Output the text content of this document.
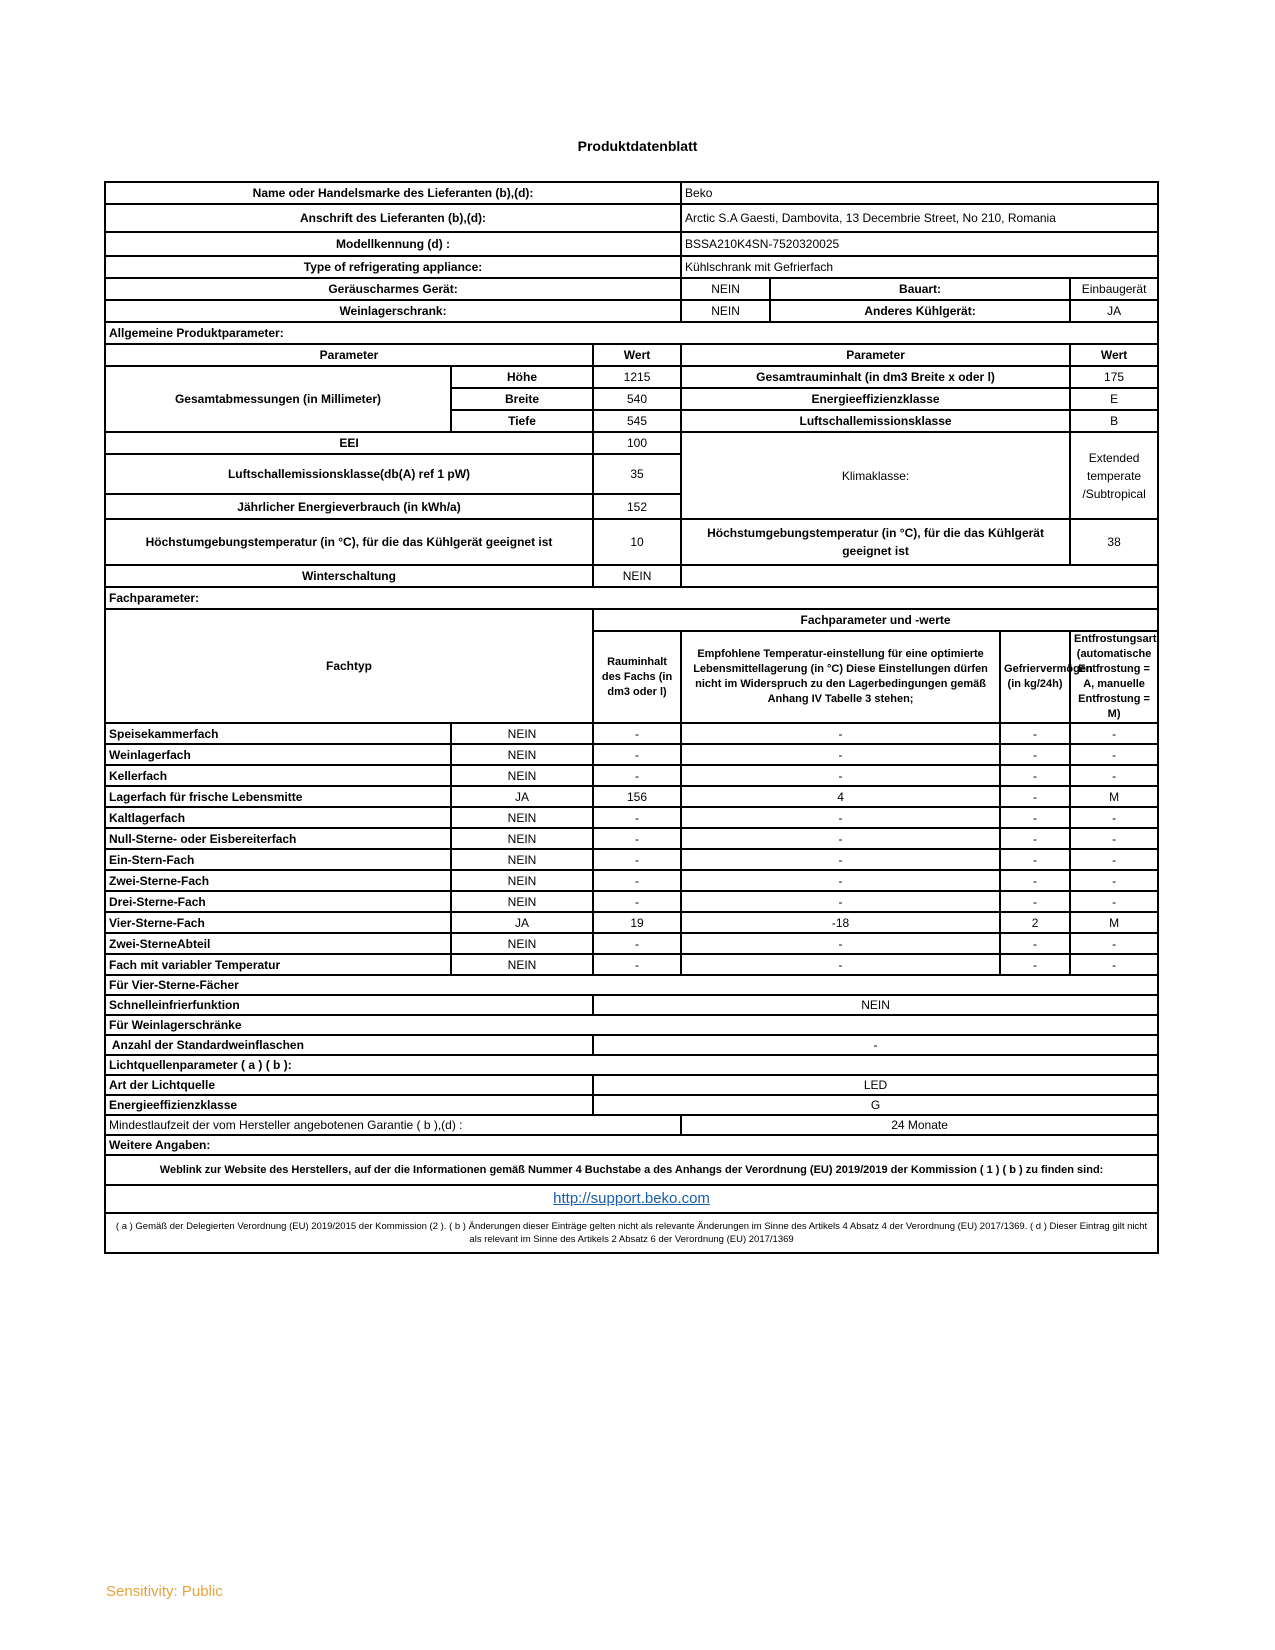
Produktdatenblatt
Name oder Handelsmarke des Lieferanten (b),(d):			Beko			
Anschrift des Lieferanten (b),(d):			Arctic S.A Gaesti, Dambovita, 13 Decembrie Street, No 210, Romania			
Modellkennung (d) :			BSSA210K4SN-7520320025			
Type of refrigerating appliance:			Kühlschrank mit Gefrierfach			
Geräuscharmes Gerät:			NEIN	Bauart:		Einbaugerät
Weinlagerschrank:			NEIN	Anderes Kühlgerät:		JA
Allgemeine Produktparameter:						
Parameter		Wert	Parameter			Wert
Gesamtabmessungen (in Millimeter)	Höhe	1215	Gesamtrauminhalt (in dm3 Breite x oder l)			175
	Breite	540	Energieeffizienzklasse			E
	Tiefe	545	Luftschallemissionsklasse			B
EEI		100	Klimaklasse:			Extended temperate /Subtropical
Luftschallemissionsklasse(db(A) ref 1 pW)		35				
Jährlicher Energieverbrauch (in kWh/a)		152				
Höchstumgebungstemperatur (in °C), für die das Kühlgerät geeignet ist		10	Höchstumgebungstemperatur (in °C), für die das Kühlgerät geeignet ist			38
Winterschaltung		NEIN				
Fachparameter:						
Fachtyp		Fachparameter und -werte				
		Rauminhalt des Fachs (in dm3 oder l)	Empfohlene Temperatur-einstellung für eine optimierte Lebensmittellagerung (in °C) Diese Einstellungen dürfen nicht im Widerspruch zu den Lagerbedingungen gemäß Anhang IV Tabelle 3 stehen;		Gefriervermögen (in kg/24h)	Entfrostungsart (automatische Entfrostung = A, manuelle Entfrostung = M)
Speisekammerfach	NEIN	-	-		-	-
Weinlagerfach	NEIN	-	-		-	-
Kellerfach	NEIN	-	-		-	-
Lagerfach für frische Lebensmitte	JA	156	4		-	M
Kaltlagerfach	NEIN	-	-		-	-
Null-Sterne- oder Eisbereiterfach	NEIN	-	-		-	-
Ein-Stern-Fach	NEIN	-	-		-	-
Zwei-Sterne-Fach	NEIN	-	-		-	-
Drei-Sterne-Fach	NEIN	-	-		-	-
Vier-Sterne-Fach	JA	19	-18		2	M
Zwei-SterneAbteil	NEIN	-	-		-	-
Fach mit variabler Temperatur	NEIN	-	-		-	-
Für Vier-Sterne-Fächer						
Schnelleinfrierfunktion		NEIN				
Für Weinlagerschränke						
Anzahl der Standardweinflaschen		-				
Lichtquellenparameter ( a ) ( b ):						
Art der Lichtquelle		LED				
Energieeffizienzklasse		G				
Mindestlaufzeit der vom Hersteller angebotenen Garantie ( b ),(d) :			24 Monate			
Weitere Angaben:						
Weblink zur Website des Herstellers, auf der die Informationen gemäß Nummer 4 Buchstabe a des Anhangs der Verordnung (EU) 2019/2019 der Kommission ( 1 ) ( b ) zu finden sind:						
http://support.beko.com						
( a ) Gemäß der Delegierten Verordnung (EU) 2019/2015 der Kommission (2 ). ( b ) Änderungen dieser Einträge gelten nicht als relevante Änderungen im Sinne des Artikels 4 Absatz 4 der Verordnung (EU) 2017/1369. ( d ) Dieser Eintrag gilt nicht als relevant im Sinne des Artikels 2 Absatz 6 der Verordnung (EU) 2017/1369						
Sensitivity: Public
